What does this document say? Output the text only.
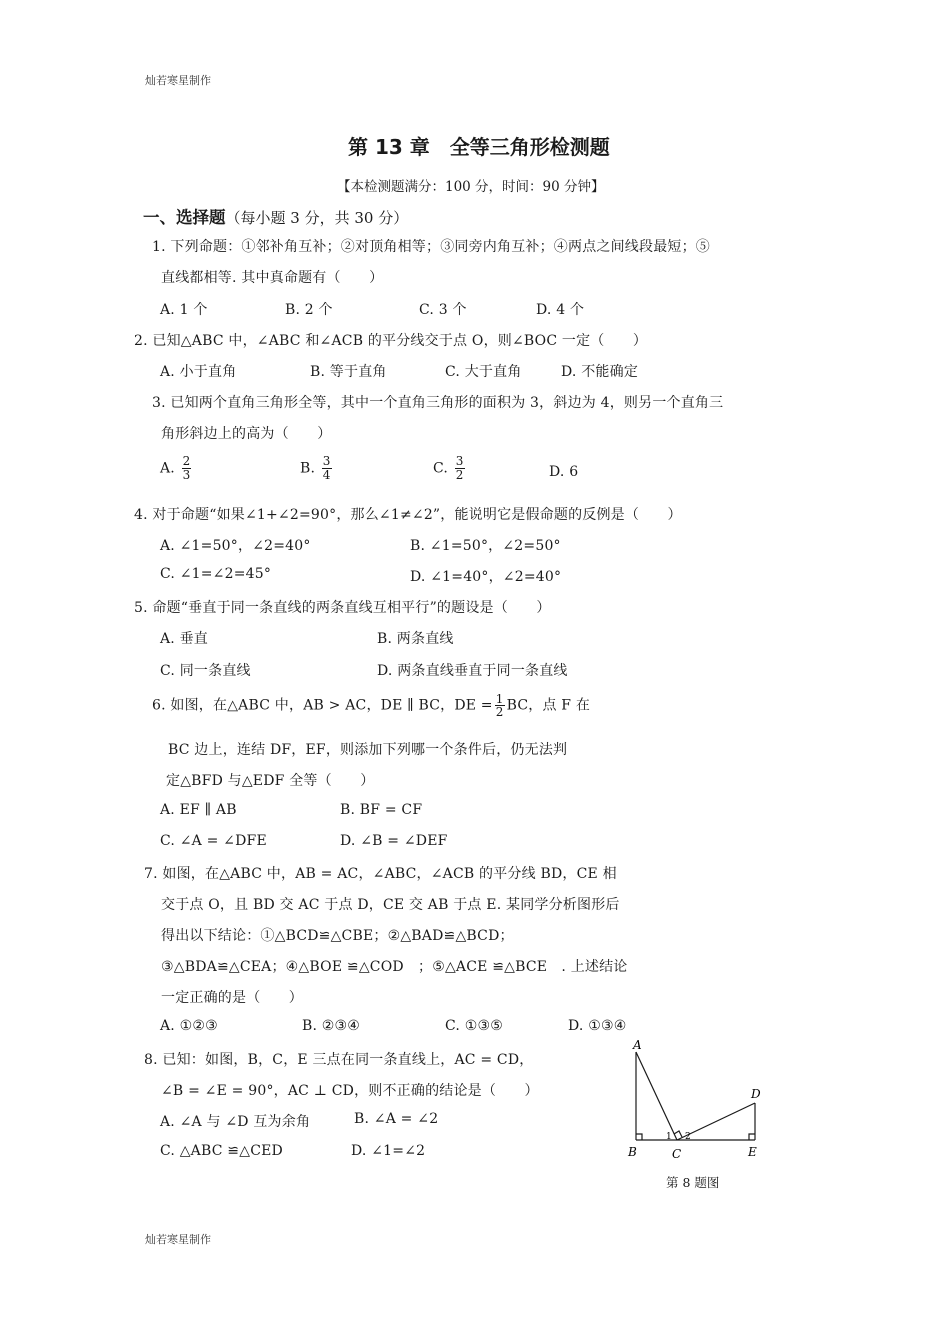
灿若寒星制作
第 13 章　全等三角形检测题
【本检测题满分：100 分，时间：90 分钟】
一、选择题（每小题 3 分，共 30 分）
1. 下列命题：①邻补角互补；②对顶角相等；③同旁内角互补；④两点之间线段最短；⑤
直线都相等. 其中真命题有（　　）
A. 1 个	B. 2 个	C. 3 个	D. 4 个
2. 已知△ABC 中，∠ABC 和∠ACB 的平分线交于点 O，则∠BOC 一定（　　）
A. 小于直角	B. 等于直角	C. 大于直角	D. 不能确定
3. 已知两个直角三角形全等，其中一个直角三角形的面积为 3，斜边为 4，则另一个直角三
角形斜边上的高为（　　）
A. $\frac{2}{3}$	B. $\frac{3}{4}$	C. $\frac{3}{2}$	D. 6
4. 对于命题“如果∠1+∠2=90°，那么∠1≠∠2”，能说明它是假命题的反例是（　　）
A. ∠1=50°，∠2=40°	B. ∠1=50°，∠2=50°
C. ∠1=∠2=45°	D. ∠1=40°，∠2=40°
5. 命题“垂直于同一条直线的两条直线互相平行”的题设是（　　）
A. 垂直	B. 两条直线
C. 同一条直线	D. 两条直线垂直于同一条直线
6. 如图，在△ABC 中，AB > AC，DE ∥ BC，DE = $\frac{1}{2}$ BC，点 F 在
BC 边上，连结 DF，EF，则添加下列哪一个条件后，仍无法判
定△BFD 与△EDF 全等（　　）
A. EF ∥ AB	B. BF = CF
C. ∠A = ∠DFE	D. ∠B = ∠DEF
7. 如图，在△ABC 中，AB = AC，∠ABC，∠ACB 的平分线 BD，CE 相
交于点 O，且 BD 交 AC 于点 D，CE 交 AB 于点 E. 某同学分析图形后
得出以下结论：①△BCD≌△CBE；②△BAD≌△BCD；
③△BDA≌△CEA；④△BOE ≌△COD　；⑤△ACE ≌△BCE　. 上述结论
一定正确的是（　　）
A. ①②③	B. ②③④	C. ①③⑤	D. ①③④
8. 已知：如图，B，C，E 三点在同一条直线上，AC = CD，
∠B = ∠E = 90°，AC ⊥ CD，则不正确的结论是（　　）
A. ∠A 与 ∠D 互为余角	B. ∠A = ∠2
C. △ABC ≌△CED	D. ∠1=∠2
A
B	C
D
E
1 2
第 8 题图
灿若寒星制作
